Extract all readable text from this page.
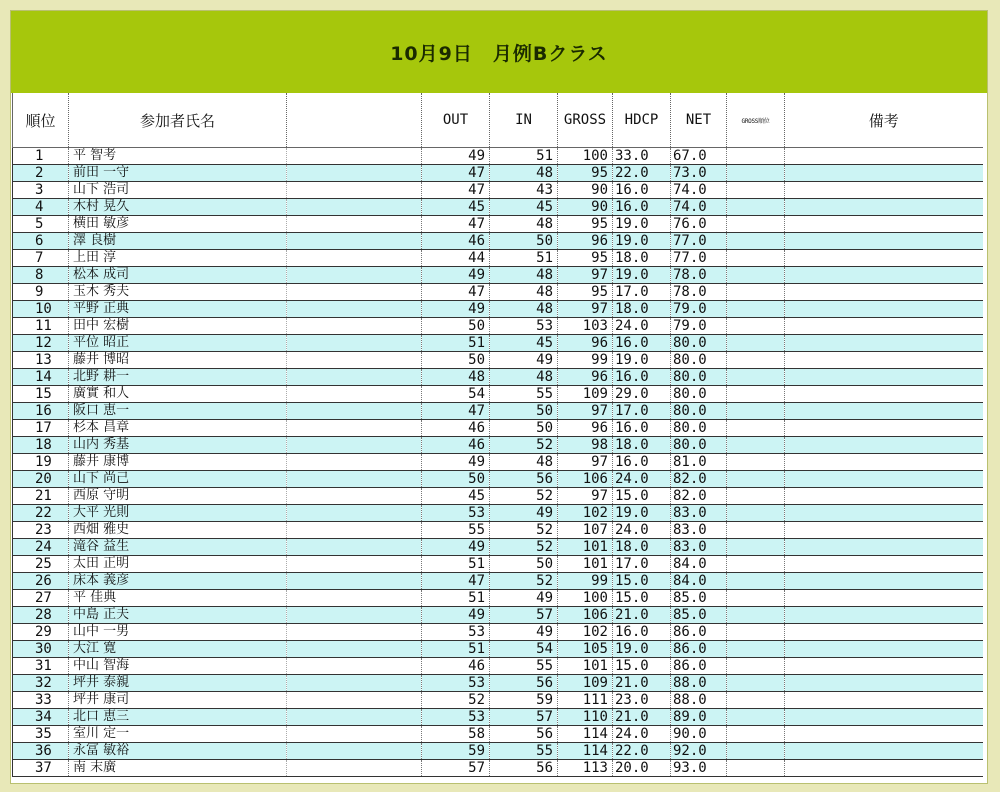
10月9日　月例Bクラス
順位	参加者氏名		OUT	IN	GROSS	HDCP	NET	GROSS順位	備考
1	平 智考		49	51	100	33.0	67.0		
2	前田 一守		47	48	95	22.0	73.0		
3	山下 浩司		47	43	90	16.0	74.0		
4	木村 晃久		45	45	90	16.0	74.0		
5	横田 敏彦		47	48	95	19.0	76.0		
6	澤 良樹		46	50	96	19.0	77.0		
7	上田 淳		44	51	95	18.0	77.0		
8	松本 成司		49	48	97	19.0	78.0		
9	玉木 秀夫		47	48	95	17.0	78.0		
10	平野 正典		49	48	97	18.0	79.0		
11	田中 宏樹		50	53	103	24.0	79.0		
12	平位 昭正		51	45	96	16.0	80.0		
13	藤井 博昭		50	49	99	19.0	80.0		
14	北野 耕一		48	48	96	16.0	80.0		
15	廣實 和人		54	55	109	29.0	80.0		
16	阪口 恵一		47	50	97	17.0	80.0		
17	杉本 昌章		46	50	96	16.0	80.0		
18	山内 秀基		46	52	98	18.0	80.0		
19	藤井 康博		49	48	97	16.0	81.0		
20	山下 尚己		50	56	106	24.0	82.0		
21	西原 守明		45	52	97	15.0	82.0		
22	大平 光則		53	49	102	19.0	83.0		
23	西畑 雅史		55	52	107	24.0	83.0		
24	滝谷 益生		49	52	101	18.0	83.0		
25	太田 正明		51	50	101	17.0	84.0		
26	床本 義彦		47	52	99	15.0	84.0		
27	平 佳典		51	49	100	15.0	85.0		
28	中島 正夫		49	57	106	21.0	85.0		
29	山中 一男		53	49	102	16.0	86.0		
30	大江 寛		51	54	105	19.0	86.0		
31	中山 智海		46	55	101	15.0	86.0		
32	坪井 泰親		53	56	109	21.0	88.0		
33	坪井 康司		52	59	111	23.0	88.0		
34	北口 恵三		53	57	110	21.0	89.0		
35	室川 定一		58	56	114	24.0	90.0		
36	永冨 敏裕		59	55	114	22.0	92.0		
37	南 末廣		57	56	113	20.0	93.0		
